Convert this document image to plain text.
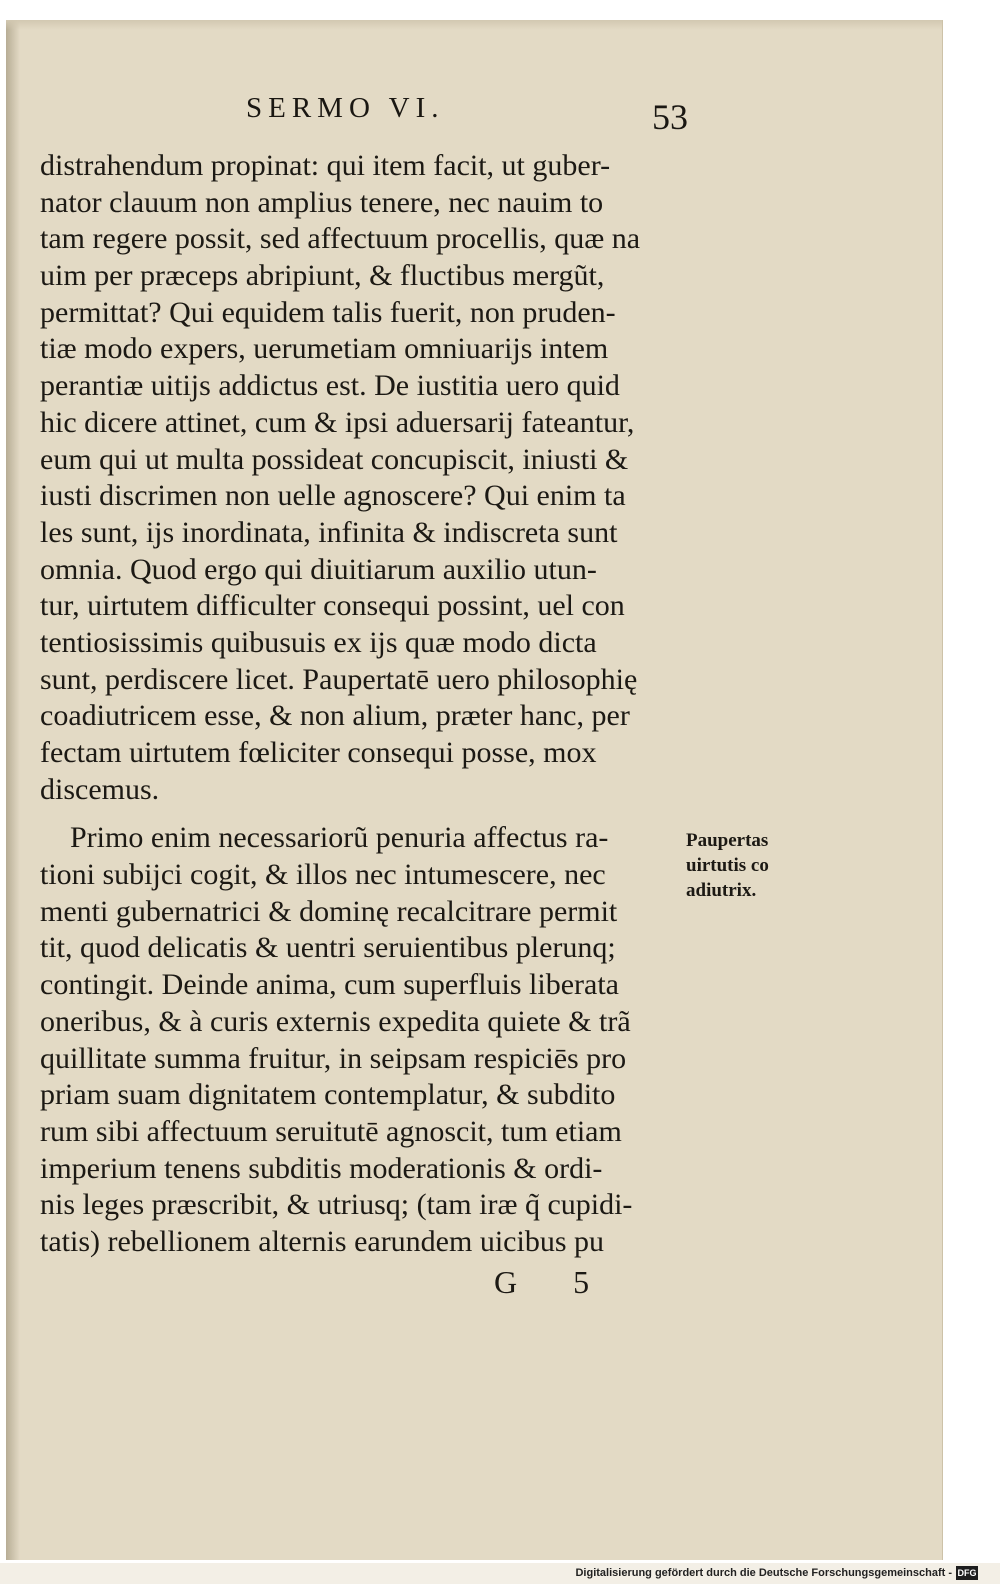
SERMO VI.	53
distrahendum propinat: qui item facit, ut guber-
nator clauum non amplius tenere, nec nauim to
tam regere possit, sed affectuum procellis, quæ na
uim per præceps abripiunt, & fluctibus mergũt,
permittat? Qui equidem talis fuerit, non pruden-
tiæ modo expers, uerumetiam omniuarijs intem
perantiæ uitijs addictus est. De iustitia uero quid
hic dicere attinet, cum & ipsi aduersarij fateantur,
eum qui ut multa possideat concupiscit, iniusti &
iusti discrimen non uelle agnoscere? Qui enim ta
les sunt, ijs inordinata, infinita & indiscreta sunt
omnia. Quod ergo qui diuitiarum auxilio utun-
tur, uirtutem difficulter consequi possint, uel con
tentiosissimis quibusuis ex ijs quæ modo dicta
sunt, perdiscere licet. Paupertatē uero philosophię
coadiutricem esse, & non alium, præter hanc, per
fectam uirtutem fœliciter consequi posse, mox
discemus.
Primo enim necessariorũ penuria affectus ra-
tioni subijci cogit, & illos nec intumescere, nec
menti gubernatrici & dominę recalcitrare permit
tit, quod delicatis & uentri seruientibus plerunq;
contingit. Deinde anima, cum superfluis liberata
oneribus, & à curis externis expedita quiete & trã
quillitate summa fruitur, in seipsam respiciēs pro
priam suam dignitatem contemplatur, & subdito
rum sibi affectuum seruitutē agnoscit, tum etiam
imperium tenens subditis moderationis & ordi-
nis leges præscribit, & utriusq; (tam iræ q̃ cupidi-
tatis) rebellionem alternis earundem uicibus pu
Paupertas
uirtutis co
adiutrix.
G 5
Digitalisierung gefördert durch die Deutsche Forschungsgemeinschaft - DFG
